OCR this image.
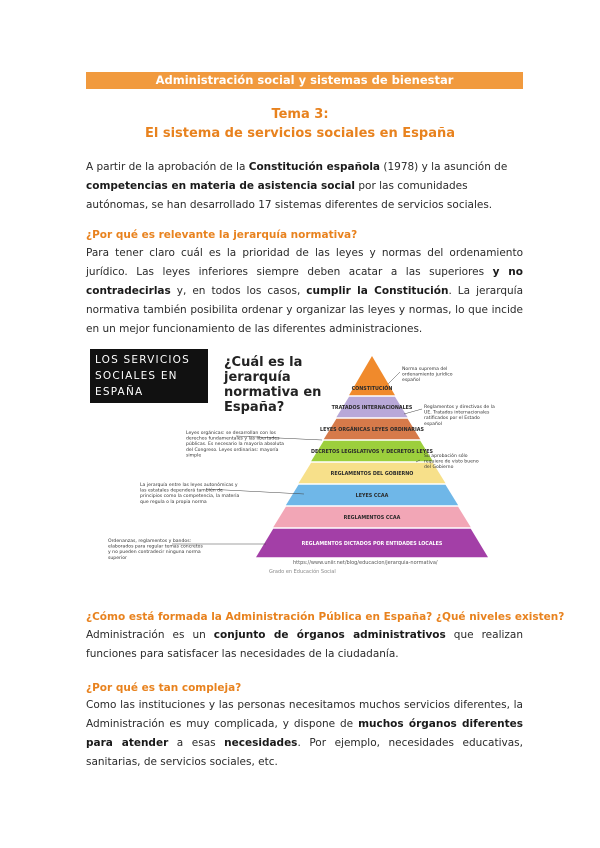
Administración social y sistemas de bienestar
Tema 3:
El sistema de servicios sociales en España
A partir de la aprobación de la Constitución española (1978) y la asunción de competencias en materia de asistencia social por las comunidades autónomas, se han desarrollado 17 sistemas diferentes de servicios sociales.
¿Por qué es relevante la jerarquía normativa?
Para tener claro cuál es la prioridad de las leyes y normas del ordenamiento jurídico. Las leyes inferiores siempre deben acatar a las superiores y no contradecirlas y, en todos los casos, cumplir la Constitución. La jerarquía normativa también posibilita ordenar y organizar las leyes y normas, lo que incide en un mejor funcionamiento de las diferentes administraciones.
LOS SERVICIOS
SOCIALES EN
ESPAÑA
¿Cuál es la
jerarquía
normativa en
España?
CONSTITUCIÓN
TRATADOS INTERNACIONALES
LEYES ORGÁNICAS LEYES ORDINARIAS
DECRETOS LEGISLATIVOS Y DECRETOS LEYES
REGLAMENTOS DEL GOBIERNO
LEYES CCAA
REGLAMENTOS CCAA
REGLAMENTOS DICTADOS POR ENTIDADES LOCALES
Norma suprema del ordenamiento jurídico español
Reglamentos y directivas de la UE. Tratados internacionales ratificados por el Estado español
Su aprobación sólo requiere de visto bueno del Gobierno
Leyes orgánicas: se desarrollan con los derechos fundamentales y las libertades públicas. Es necesario la mayoría absoluta del Congreso. Leyes ordinarias: mayoría simple
La jerarquía entre las leyes autonómicas y las estatales dependerá también de principios como la competencia, la materia que regula o la propia norma
Ordenanzas, reglamentos y bandos: elaborados para regular temas concretos y no pueden contradecir ninguna norma superior
https://www.uniir.net/blog/educacion/jerarquia-normativa/
Grado en Educación Social
¿Cómo está formada la Administración Pública en España? ¿Qué niveles existen?
Administración es un conjunto de órganos administrativos que realizan funciones para satisfacer las necesidades de la ciudadanía.
¿Por qué es tan compleja?
Como las instituciones y las personas necesitamos muchos servicios diferentes, la Administración es muy complicada, y dispone de muchos órganos diferentes para atender a esas necesidades. Por ejemplo, necesidades educativas, sanitarias, de servicios sociales, etc.
